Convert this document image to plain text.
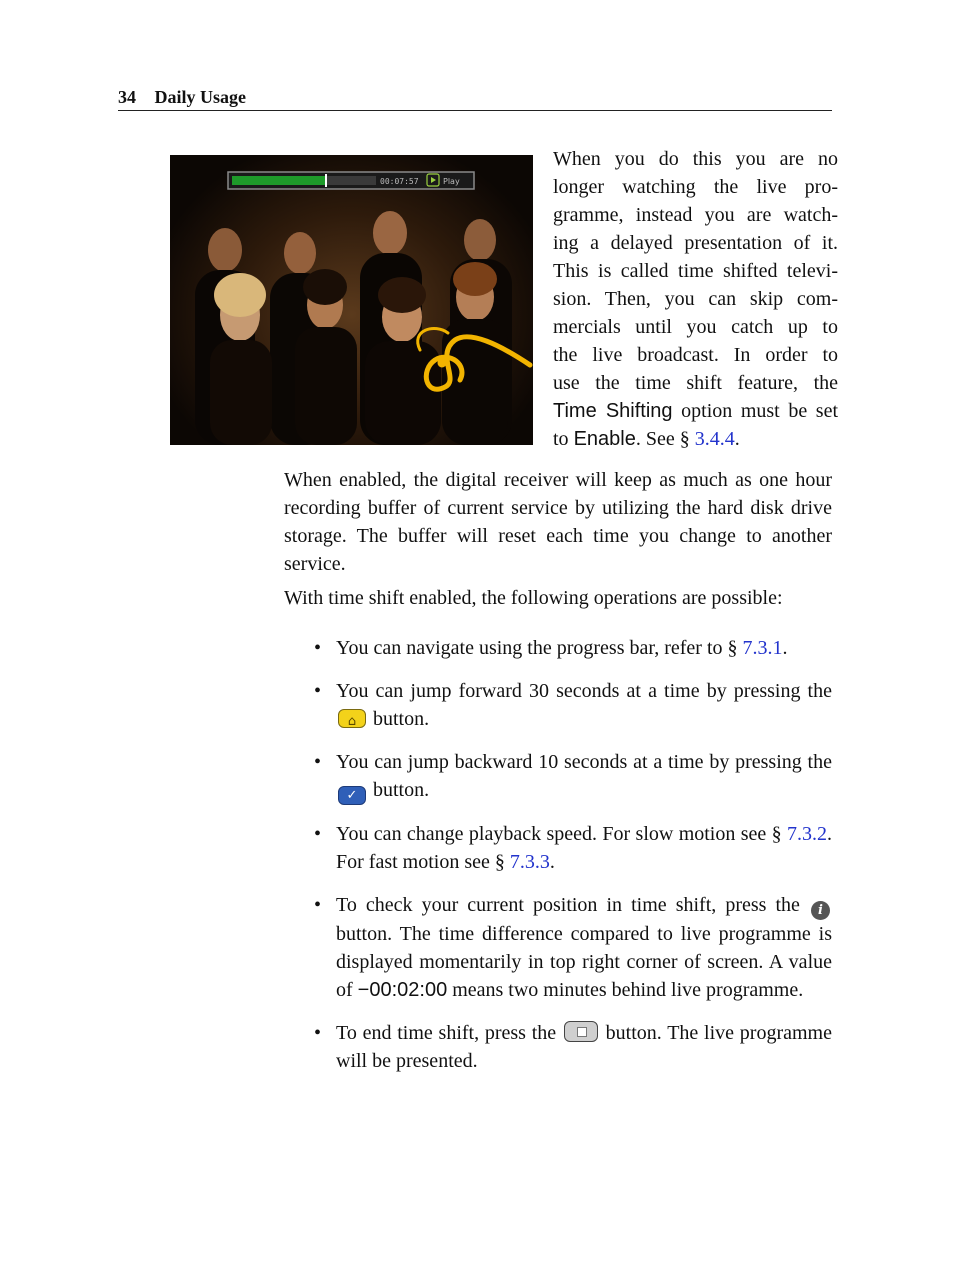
34 Daily Usage
00:07:57	Play
When you do this you are no
longer watching the live pro-
gramme, instead you are watch-
ing a delayed presentation of it.
This is called time shifted televi-
sion. Then, you can skip com-
mercials until you catch up to
the live broadcast. In order to
use the time shift feature, the
Time Shifting option must be set
to Enable. See § 3.4.4.
When enabled, the digital receiver will keep as much as one hour recording buffer of current service by utilizing the hard disk drive storage. The buffer will reset each time you change to another service.
With time shift enabled, the following operations are possible:
• You can navigate using the progress bar, refer to § 7.3.1.
• You can jump forward 30 seconds at a time by pressing the ⌂ button.
• You can jump backward 10 seconds at a time by pressing the ✓ button.
• You can change playback speed. For slow motion see § 7.3.2. For fast motion see § 7.3.3.
• To check your current position in time shift, press the i button. The time difference compared to live programme is displayed momentarily in top right corner of screen. A value of −00:02:00 means two minutes behind live programme.
• To end time shift, press the  button. The live programme will be presented.
